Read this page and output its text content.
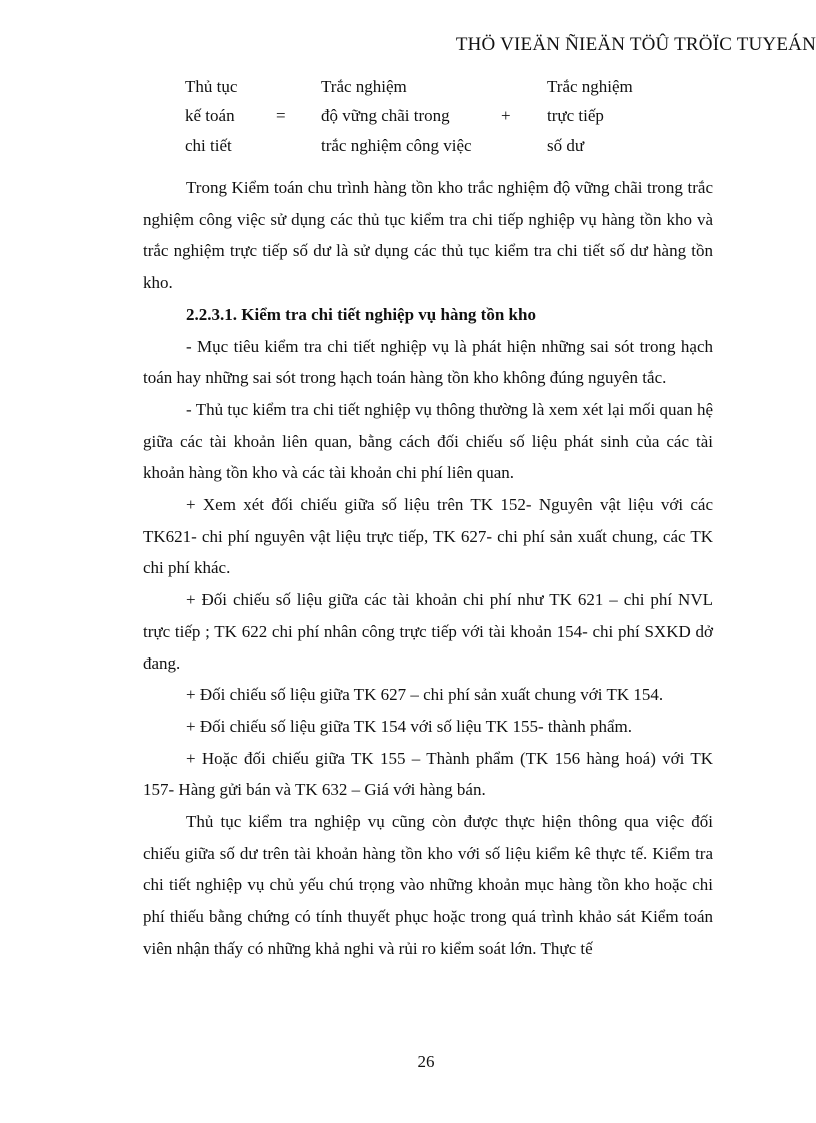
THÖ VIEÄN ÑIEÄN TÖÛ TRÖÏC TUYEÁN
Thủ tục
kế toán
chi tiết
=
Trắc nghiệm
độ vững chãi trong
trắc nghiệm công việc
+
Trắc nghiệm
trực tiếp
số dư

Trong Kiểm toán chu trình hàng tồn kho trắc nghiệm độ vững chãi trong trắc nghiệm công việc sử dụng các thủ tục kiểm tra chi tiếp nghiệp vụ hàng tồn kho và trắc nghiệm trực tiếp số dư là sử dụng các thủ tục kiểm tra chi tiết số dư hàng tồn kho.

2.2.3.1. Kiểm tra chi tiết nghiệp vụ hàng tồn kho

- Mục tiêu kiểm tra chi tiết nghiệp vụ là phát hiện những sai sót trong hạch toán hay những sai sót trong hạch toán hàng tồn kho không đúng nguyên tắc.

- Thủ tục kiểm tra chi tiết nghiệp vụ thông thường là xem xét lại mối quan hệ giữa các tài khoản liên quan, bằng cách đối chiếu số liệu phát sinh của các tài khoản hàng tồn kho và các tài khoản chi phí liên quan.

+ Xem xét đối chiếu giữa số liệu trên TK 152- Nguyên vật liệu với các TK621- chi phí nguyên vật liệu trực tiếp, TK 627- chi phí sản xuất chung, các TK chi phí khác.

+ Đối chiếu số liệu giữa các tài khoản chi phí như TK 621 – chi phí NVL trực tiếp ; TK 622 chi phí nhân công trực tiếp với tài khoản 154- chi phí SXKD dở đang.

+ Đối chiếu số liệu giữa TK 627 – chi phí sản xuất chung với TK 154.

+ Đối chiếu số liệu giữa TK 154 với số liệu TK 155- thành phẩm.

+ Hoặc đối chiếu giữa TK 155 – Thành phẩm (TK 156 hàng hoá) với TK 157- Hàng gửi bán và TK 632 – Giá với hàng bán.

Thủ tục kiểm tra nghiệp vụ cũng còn được thực hiện thông qua việc đối chiếu giữa số dư trên tài khoản hàng tồn kho với số liệu kiểm kê thực tế. Kiểm tra chi tiết nghiệp vụ chủ yếu chú trọng vào những khoản mục hàng tồn kho hoặc chi phí thiếu bằng chứng có tính thuyết phục hoặc trong quá trình khảo sát Kiểm toán viên nhận thấy có những khả nghi và rủi ro kiểm soát lớn. Thực tế

26
